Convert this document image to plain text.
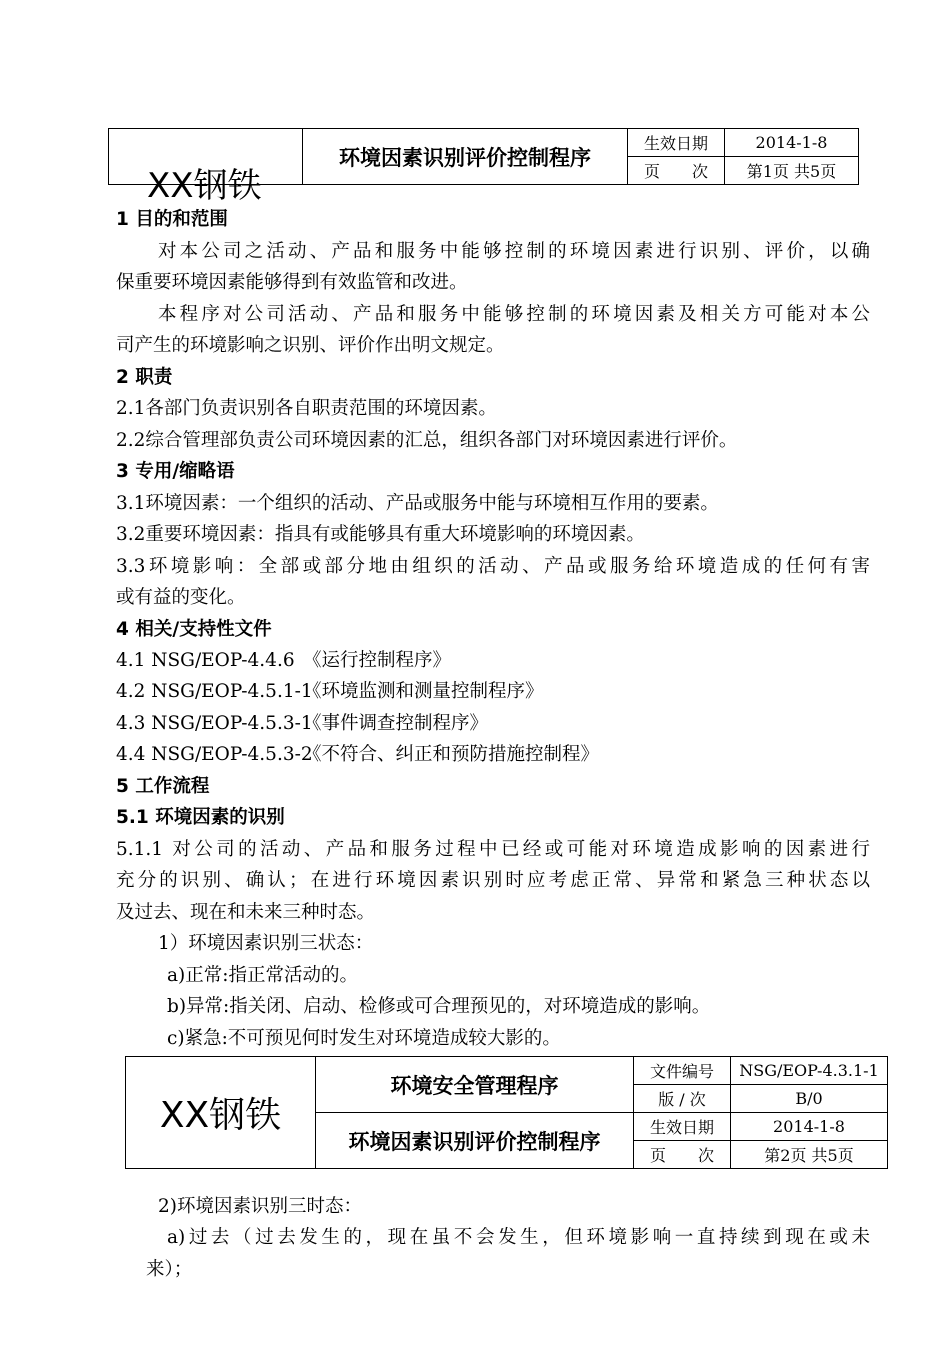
	环境因素识别评价控制程序	生效日期	2014-1-8
		页　　次	第1页 共5页
XX钢铁
1 目的和范围
对本公司之活动、产品和服务中能够控制的环境因素进行识别、评价，以确
保重要环境因素能够得到有效监管和改进。
本程序对公司活动、产品和服务中能够控制的环境因素及相关方可能对本公
司产生的环境影响之识别、评价作出明文规定。
2 职责
2.1各部门负责识别各自职责范围的环境因素。
2.2综合管理部负责公司环境因素的汇总，组织各部门对环境因素进行评价。
3 专用/缩略语
3.1环境因素：一个组织的活动、产品或服务中能与环境相互作用的要素。
3.2重要环境因素：指具有或能够具有重大环境影响的环境因素。
3.3环境影响：全部或部分地由组织的活动、产品或服务给环境造成的任何有害
或有益的变化。
4 相关/支持性文件
4.1 NSG/EOP-4.4.6 《运行控制程序》
4.2 NSG/EOP-4.5.1-1《环境监测和测量控制程序》
4.3 NSG/EOP-4.5.3-1《事件调查控制程序》
4.4 NSG/EOP-4.5.3-2《不符合、纠正和预防措施控制程》
5 工作流程
5.1 环境因素的识别
5.1.1 对公司的活动、产品和服务过程中已经或可能对环境造成影响的因素进行
充分的识别、确认；在进行环境因素识别时应考虑正常、异常和紧急三种状态以
及过去、现在和未来三种时态。
1）环境因素识别三状态：
a)正常:指正常活动的。
b)异常:指关闭、启动、检修或可合理预见的，对环境造成的影响。
c)紧急:不可预见何时发生对环境造成较大影的。
XX钢铁	环境安全管理程序	文件编号	NSG/EOP-4.3.1-1
		版 / 次	B/0
	环境因素识别评价控制程序	生效日期	2014-1-8
		页　　次	第2页 共5页
2)环境因素识别三时态：
a)过去（过去发生的，现在虽不会发生，但环境影响一直持续到现在或未
来）；
